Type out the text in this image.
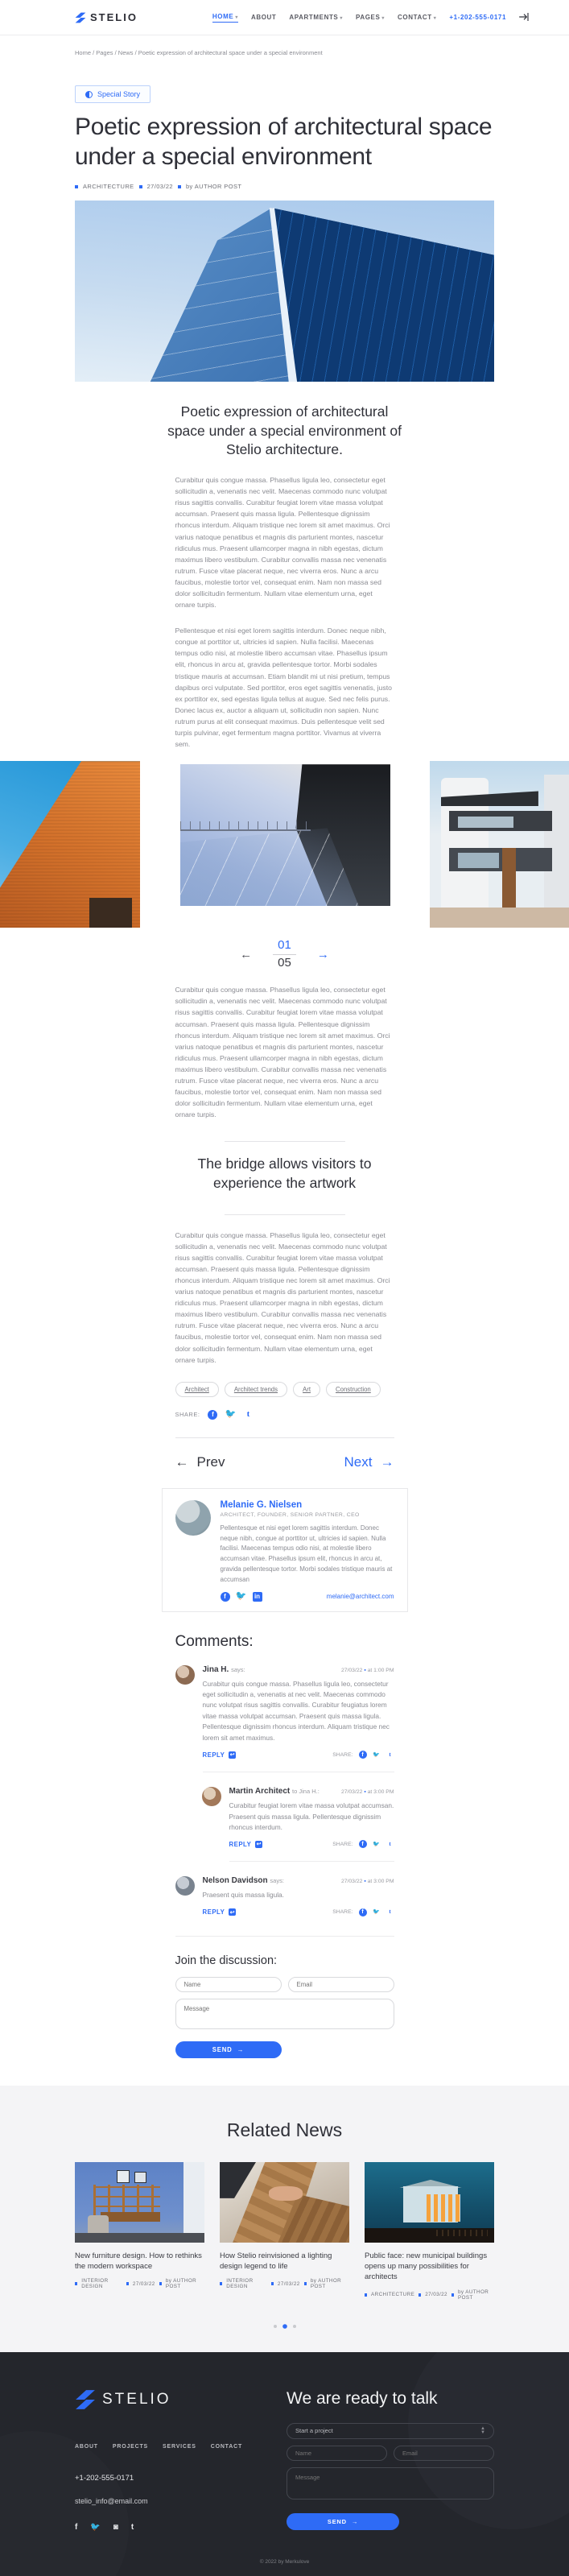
STELIO	HOME ▾ ABOUT APARTMENTS ▾ PAGES ▾ CONTACT ▾ +1-202-555-0171
Home / Pages / News / Poetic expression of architectural space under a special environment
Special Story
Poetic expression of architectural space under a special environment
ARCHITECTURE 27/03/22 by AUTHOR POST
Poetic expression of architectural space under a special environment of Stelio architecture.

Curabitur quis congue massa. Phasellus ligula leo, consectetur eget sollicitudin a, venenatis nec velit. Maecenas commodo nunc volutpat risus sagittis convallis. Curabitur feugiat lorem vitae massa volutpat accumsan. Praesent quis massa ligula. Pellentesque dignissim rhoncus interdum. Aliquam tristique nec lorem sit amet maximus. Orci varius natoque penatibus et magnis dis parturient montes, nascetur ridiculus mus. Praesent ullamcorper magna in nibh egestas, dictum maximus libero vestibulum. Curabitur convallis massa nec venenatis rutrum. Fusce vitae placerat neque, nec viverra eros. Nunc a arcu faucibus, molestie tortor vel, consequat enim. Nam non massa sed dolor sollicitudin fermentum. Nullam vitae elementum urna, eget ornare turpis.

Pellentesque et nisi eget lorem sagittis interdum. Donec neque nibh, congue at porttitor ut, ultricies id sapien. Nulla facilisi. Maecenas tempus odio nisi, at molestie libero accumsan vitae. Phasellus ipsum elit, rhoncus in arcu at, gravida pellentesque tortor. Morbi sodales tristique mauris at accumsan. Etiam blandit mi ut nisi pretium, tempus dapibus orci vulputate. Sed porttitor, eros eget sagittis venenatis, justo ex porttitor ex, sed egestas ligula tellus at augue. Sed nec felis purus. Donec lacus ex, auctor a aliquam ut, sollicitudin non sapien. Nunc rutrum purus at elit consequat maximus. Duis pellentesque velit sed turpis pulvinar, eget fermentum magna porttitor. Vivamus at viverra sem.

← $\frac{01}{05}$ →

Curabitur quis congue massa. Phasellus ligula leo, consectetur eget sollicitudin a, venenatis nec velit. Maecenas commodo nunc volutpat risus sagittis convallis. Curabitur feugiat lorem vitae massa volutpat accumsan. Praesent quis massa ligula. Pellentesque dignissim rhoncus interdum. Aliquam tristique nec lorem sit amet maximus. Orci varius natoque penatibus et magnis dis parturient montes, nascetur ridiculus mus. Praesent ullamcorper magna in nibh egestas, dictum maximus libero vestibulum. Curabitur convallis massa nec venenatis rutrum. Fusce vitae placerat neque, nec viverra eros. Nunc a arcu faucibus, molestie tortor vel, consequat enim. Nam non massa sed dolor sollicitudin fermentum. Nullam vitae elementum urna, eget ornare turpis.

The bridge allows visitors to experience the artwork

Curabitur quis congue massa. Phasellus ligula leo, consectetur eget sollicitudin a, venenatis nec velit. Maecenas commodo nunc volutpat risus sagittis convallis. Curabitur feugiat lorem vitae massa volutpat accumsan. Praesent quis massa ligula. Pellentesque dignissim rhoncus interdum. Aliquam tristique nec lorem sit amet maximus. Orci varius natoque penatibus et magnis dis parturient montes, nascetur ridiculus mus. Praesent ullamcorper magna in nibh egestas, dictum maximus libero vestibulum. Curabitur convallis massa nec venenatis rutrum. Fusce vitae placerat neque, nec viverra eros. Nunc a arcu faucibus, molestie tortor vel, consequat enim. Nam non massa sed dolor sollicitudin fermentum. Nullam vitae elementum urna, eget ornare turpis.

Architect	Architect trends	Art	Construction
SHARE:	f	🐦	t
← Prev	Next →
Melanie G. Nielsen
ARCHITECT, FOUNDER, SENIOR PARTNER, CEO
Pellentesque et nisi eget lorem sagittis interdum. Donec neque nibh, congue at porttitor ut, ultricies id sapien. Nulla facilisi. Maecenas tempus odio nisi, at molestie libero accumsan vitae. Phasellus ipsum elit, rhoncus in arcu at, gravida pellentesque tortor. Morbi sodales tristique mauris at accumsan
f	🐦	in	melanie@architect.com
Comments:
Jina H. says:	27/03/22 ▪ at 1:00 PM
Curabitur quis congue massa. Phasellus ligula leo, consectetur eget sollicitudin a, venenatis at nec velit. Maecenas commodo nunc volutpat risus sagittis convallis. Curabitur feugiatus lorem vitae massa volutpat accumsan. Praesent quis massa ligula. Pellentesque dignissim rhoncus interdum. Aliquam tristique nec lorem sit amet maximus.
REPLY ↩	SHARE:	f	🐦	t
Martin Architect to Jina H.:	27/03/22 ▪ at 3:00 PM
Curabitur feugiat lorem vitae massa volutpat accumsan. Praesent quis massa ligula. Pellentesque dignissim rhoncus interdum.
REPLY ↩	SHARE:	f	🐦	t
Nelson Davidson says:	27/03/22 ▪ at 3:00 PM
Praesent quis massa ligula.
REPLY ↩	SHARE:	f	🐦	t
Join the discussion:
Name
Email
Message
SEND →
Related News
New furniture design. How to rethinks the modern workspace
INTERIOR DESIGN	27/03/22 by AUTHOR POST
How Stelio reinvisioned a lighting design legend to life
INTERIOR DESIGN	27/03/22 by AUTHOR POST
Public face: new municipal buildings opens up many possibilities for architects
ARCHITECTURE 27/03/22 by AUTHOR POST
STELIO
ABOUT	PROJECTS	SERVICES	CONTACT
+1-202-555-0171
stelio_info@email.com
f 🐦 ◙ t
We are ready to talk
Start a project	▲
▼
Name
Email
Message
SEND →
© 2022 by Merkulove
